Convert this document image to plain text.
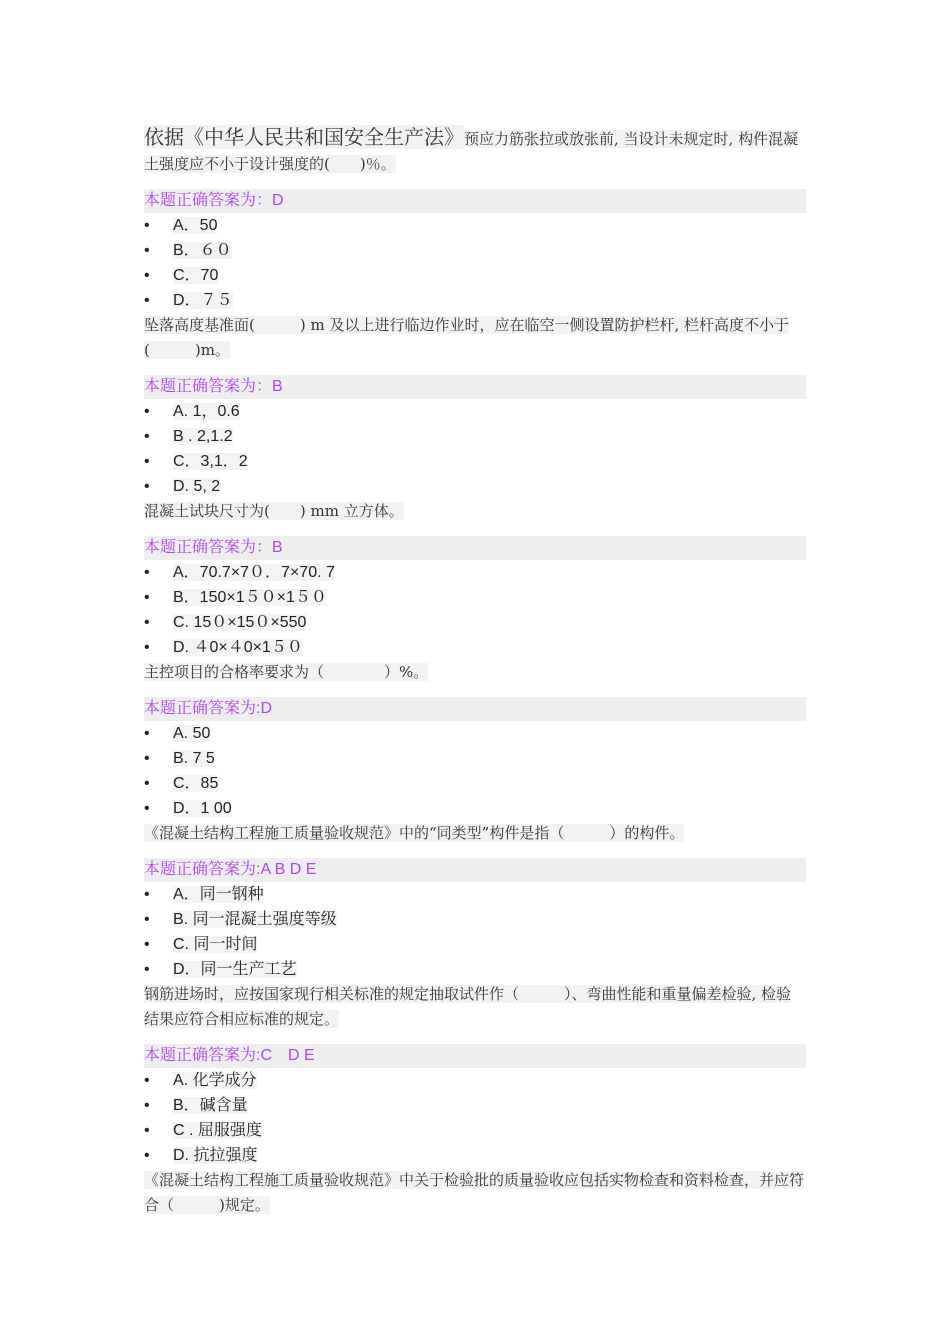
依据《中华人民共和国安全生产法》预应力筋张拉或放张前, 当设计未规定时, 构件混凝土强度应不小于设计强度的(　　)％。
本题正确答案为：D
• A．50
• B．６０
• C．70
• D．７５
坠落高度基准面(　　　) m 及以上进行临边作业时，应在临空一侧设置防护栏杆, 栏杆高度不小于(　　　)m。
本题正确答案为：B
• A. 1，0.6
• B . 2,1.2
• C．3,1．2
• D. 5, 2
混凝土试块尺寸为(　　) mm 立方体。
本题正确答案为：B
• A．70.7×7０．7×70. 7
• B．150×1５０×1５０
• C. 15０×15０×550
• D. ４0×４0×1５０
主控项目的合格率要求为（　　　　）%。
本题正确答案为:D
• A. 50
• B. 7 5
• C．85
• D．1 00
《混凝土结构工程施工质量验收规范》中的“同类型”构件是指（　　　）的构件。
本题正确答案为:A B D E
• A．同一钢种
• B. 同一混凝土强度等级
• C. 同一时间
• D．同一生产工艺
钢筋进场时，应按国家现行相关标准的规定抽取试件作（　　　）、弯曲性能和重量偏差检验, 检验结果应符合相应标准的规定。
本题正确答案为:C　D E
• A. 化学成分
• B．碱含量
• C . 屈服强度
• D. 抗拉强度
《混凝土结构工程施工质量验收规范》中关于检验批的质量验收应包括实物检查和资料检查，并应符合（　　　)规定。
